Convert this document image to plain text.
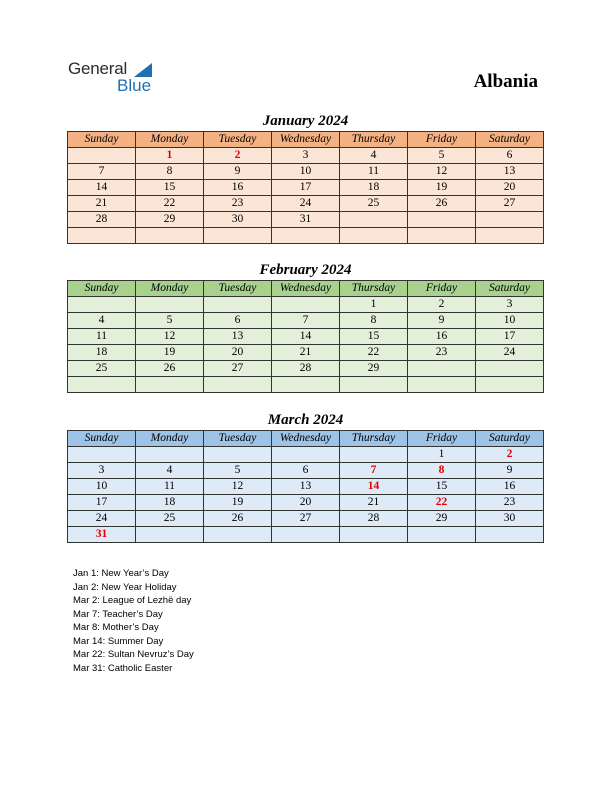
General
Blue	Albania
January 2024
Sunday	Monday	Tuesday	Wednesday	Thursday	Friday	Saturday
	1	2	3	4	5	6
7	8	9	10	11	12	13
14	15	16	17	18	19	20
21	22	23	24	25	26	27
28	29	30	31			

February 2024
Sunday	Monday	Tuesday	Wednesday	Thursday	Friday	Saturday
				1	2	3
4	5	6	7	8	9	10
11	12	13	14	15	16	17
18	19	20	21	22	23	24
25	26	27	28	29		

March 2024
Sunday	Monday	Tuesday	Wednesday	Thursday	Friday	Saturday
					1	2
3	4	5	6	7	8	9
10	11	12	13	14	15	16
17	18	19	20	21	22	23
24	25	26	27	28	29	30
31						
Jan 1: New Year’s Day
Jan 2: New Year Holiday
Mar 2: League of Lezhë day
Mar 7: Teacher’s Day
Mar 8: Mother’s Day
Mar 14: Summer Day
Mar 22: Sultan Nevruz’s Day
Mar 31: Catholic Easter
